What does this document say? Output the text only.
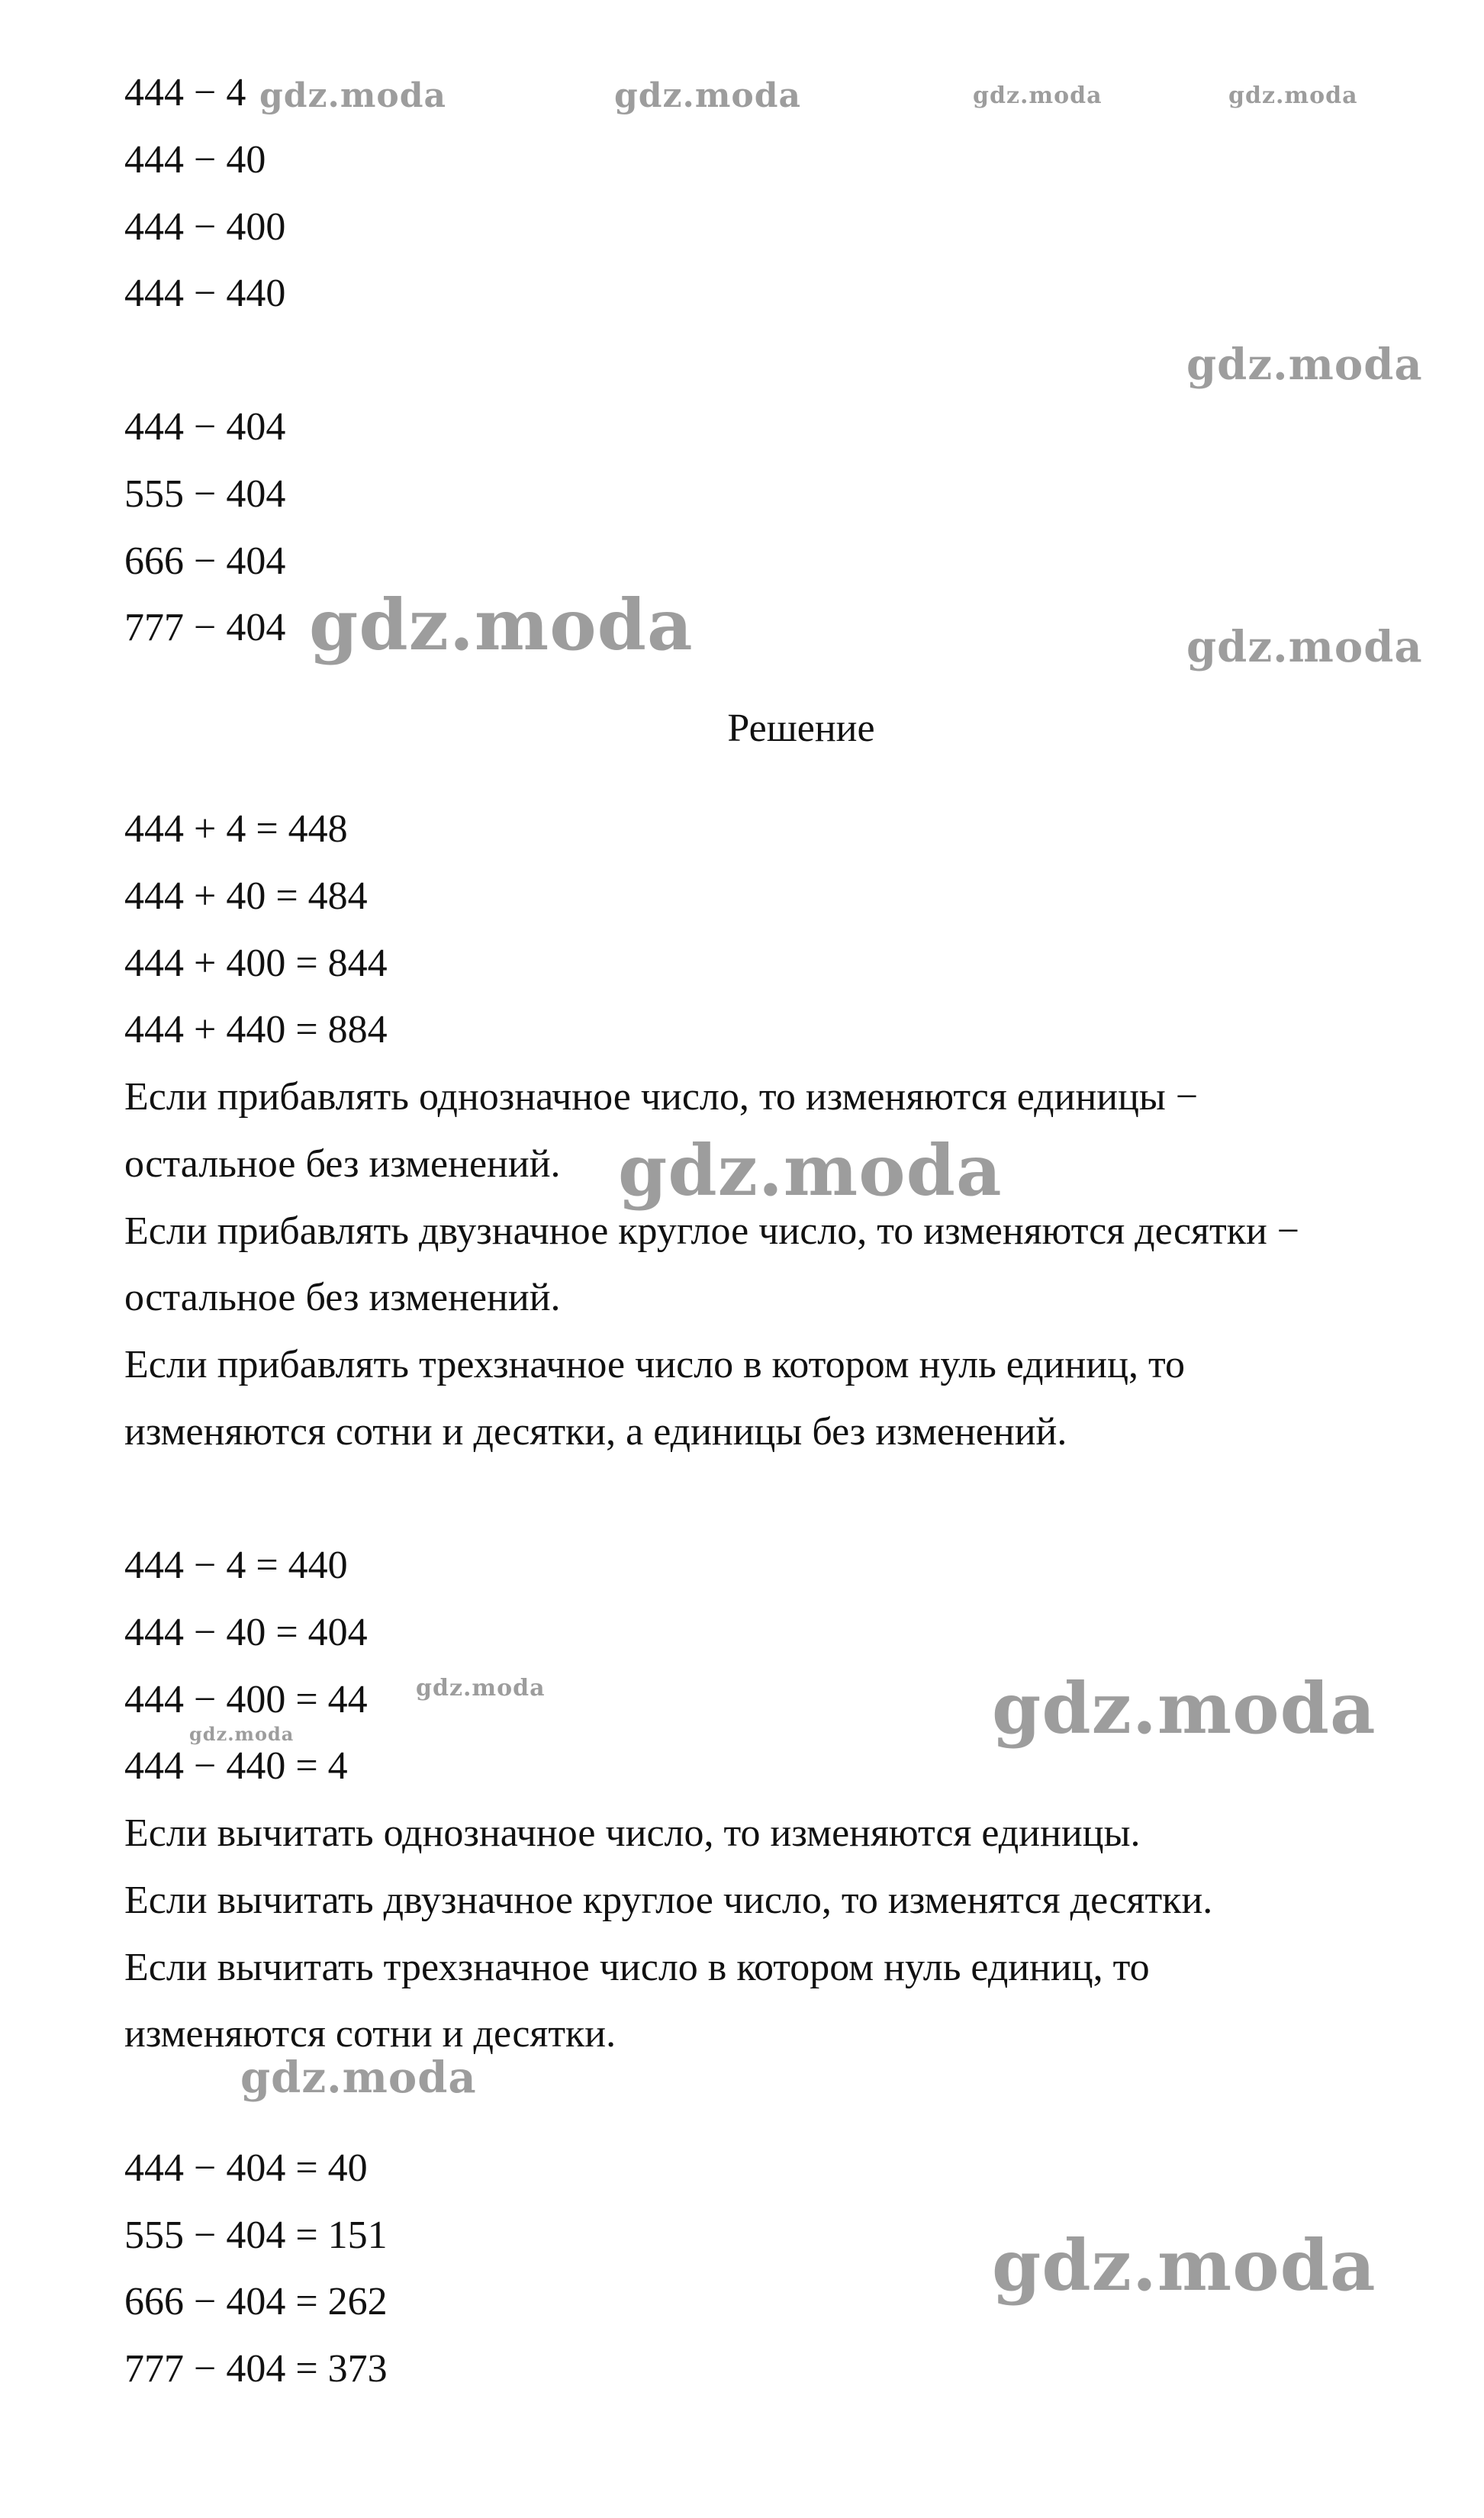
444 − 4
444 − 40
444 − 400
444 − 440
444 − 404
555 − 404
666 − 404
777 − 404
Решение
444 + 4 = 448
444 + 40 = 484
444 + 400 = 844
444 + 440 = 884
Если прибавлять однозначное число, то изменяются единицы −
остальное без изменений.
Если прибавлять двузначное круглое число, то изменяются десятки −
остальное без изменений.
Если прибавлять трехзначное число в котором нуль единиц, то
изменяются сотни и десятки, а единицы без изменений.
444 − 4 = 440
444 − 40 = 404
444 − 400 = 44
444 − 440 = 4
Если вычитать однозначное число, то изменяются единицы.
Если вычитать двузначное круглое число, то изменятся десятки.
Если вычитать трехзначное число в котором нуль единиц, то
изменяются сотни и десятки.
444 − 404 = 40
555 − 404 = 151
666 − 404 = 262
777 − 404 = 373
gdz.moda	gdz.moda	gdz.moda	gdz.moda
gdz.moda
gdz.moda	gdz.moda
gdz.moda
gdz.moda
gdz.moda	gdz.moda
gdz.moda
gdz.moda
